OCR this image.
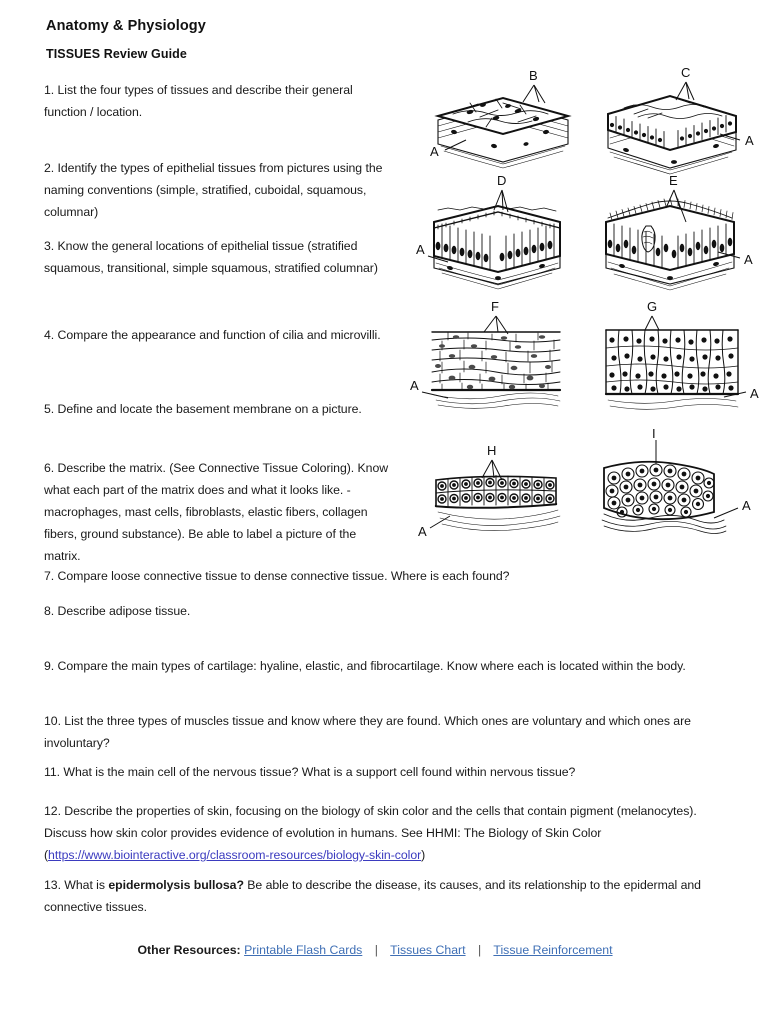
Anatomy & Physiology
TISSUES Review Guide
1. List the four types of tissues and describe their general function / location.
2. Identify the types of epithelial tissues from pictures using the naming conventions (simple, stratified, cuboidal, squamous, columnar)
3. Know the general locations of epithelial tissue (stratified squamous, transitional, simple squamous, stratified columnar)
4. Compare the appearance and function of cilia and microvilli.
5. Define and locate the basement membrane on a picture.
6. Describe the matrix. (See Connective Tissue Coloring). Know what each part of the matrix does and what it looks like. - macrophages, mast cells, fibroblasts, elastic fibers, collagen fibers, ground substance). Be able to label a picture of the matrix.
7. Compare loose connective tissue to dense connective tissue. Where is each found?
8. Describe adipose tissue.
9. Compare the main types of cartilage: hyaline, elastic, and fibrocartilage. Know where each is located within the body.
10. List the three types of muscles tissue and know where they are found. Which ones are voluntary and which ones are involuntary?
11. What is the main cell of the nervous tissue? What is a support cell found within nervous tissue?
12. Describe the properties of skin, focusing on the biology of skin color and the cells that contain pigment (melanocytes). Discuss how skin color provides evidence of evolution in humans. See HHMI: The Biology of Skin Color (https://www.biointeractive.org/classroom-resources/biology-skin-color)
13. What is epidermolysis bullosa? Be able to describe the disease, its causes, and its relationship to the epidermal and connective tissues.
Other Resources: Printable Flash Cards | Tissues Chart | Tissue Reinforcement
B
A
C
A
D
A
E
A
F
A
G
A
H
A
I
A
